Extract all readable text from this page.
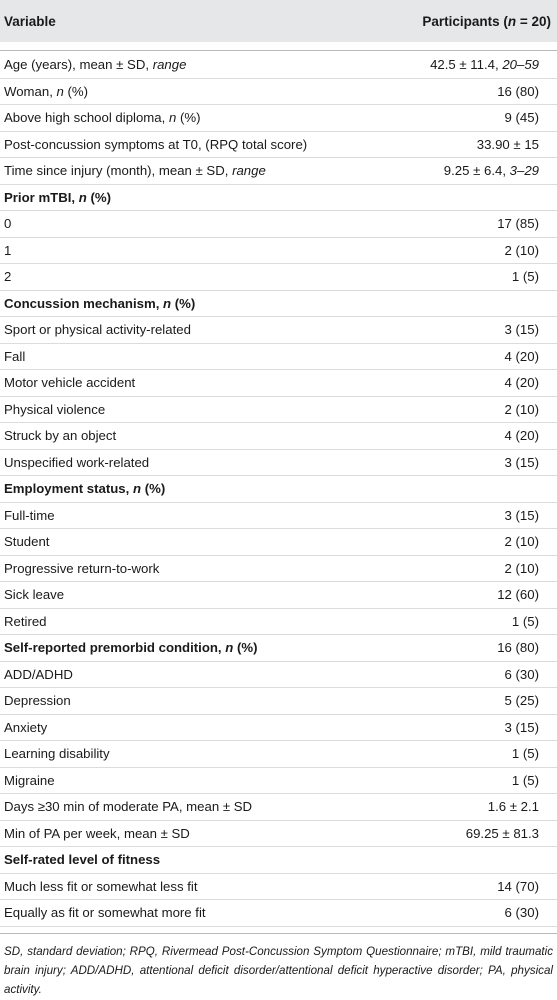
Variable	Participants (n = 20)
Age (years), mean ± SD, range	42.5 ± 11.4, 20–59
Woman, n (%)	16 (80)
Above high school diploma, n (%)	9 (45)
Post-concussion symptoms at T0, (RPQ total score)	33.90 ± 15
Time since injury (month), mean ± SD, range	9.25 ± 6.4, 3–29
Prior mTBI, n (%)
0	17 (85)
1	2 (10)
2	1 (5)
Concussion mechanism, n (%)
Sport or physical activity-related	3 (15)
Fall	4 (20)
Motor vehicle accident	4 (20)
Physical violence	2 (10)
Struck by an object	4 (20)
Unspecified work-related	3 (15)
Employment status, n (%)
Full-time	3 (15)
Student	2 (10)
Progressive return-to-work	2 (10)
Sick leave	12 (60)
Retired	1 (5)
Self-reported premorbid condition, n (%)	16 (80)
ADD/ADHD	6 (30)
Depression	5 (25)
Anxiety	3 (15)
Learning disability	1 (5)
Migraine	1 (5)
Days ≥30 min of moderate PA, mean ± SD	1.6 ± 2.1
Min of PA per week, mean ± SD	69.25 ± 81.3
Self-rated level of fitness
Much less fit or somewhat less fit	14 (70)
Equally as fit or somewhat more fit	6 (30)
SD, standard deviation; RPQ, Rivermead Post-Concussion Symptom Questionnaire; mTBI, mild traumatic brain injury; ADD/ADHD, attentional deficit disorder/attentional deficit hyperactive disorder; PA, physical activity.
